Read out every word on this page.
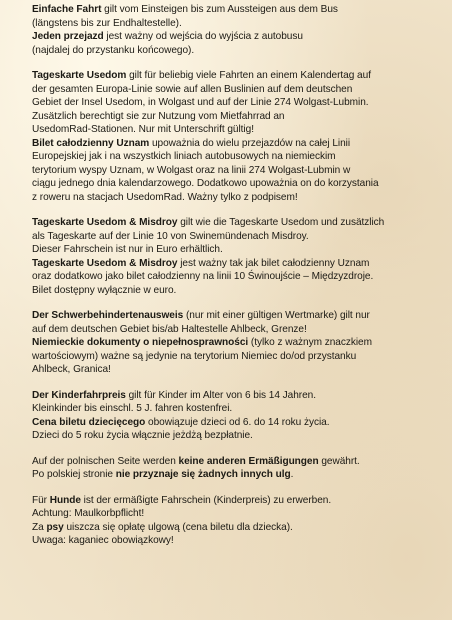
Einfache Fahrt gilt vom Einsteigen bis zum Aussteigen aus dem Bus
(längstens bis zur Endhaltestelle).
Jeden przejazd jest ważny od wejścia do wyjścia z autobusu
(najdalej do przystanku końcowego).
Tageskarte Usedom gilt für beliebig viele Fahrten an einem Kalendertag auf
der gesamten Europa-Linie sowie auf allen Buslinien auf dem deutschen
Gebiet der Insel Usedom, in Wolgast und auf der Linie 274 Wolgast-Lubmin.
Zusätzlich berechtigt sie zur Nutzung vom Mietfahrrad an
UsedomRad-Stationen. Nur mit Unterschrift gültig!
Bilet całodzienny Uznam upoważnia do wielu przejazdów na całej Linii
Europejskiej jak i na wszystkich liniach autobusowych na niemieckim
terytorium wyspy Uznam, w Wolgast oraz na linii 274 Wolgast-Lubmin w
ciągu jednego dnia kalendarzowego. Dodatkowo upoważnia on do korzystania
z roweru na stacjach UsedomRad. Ważny tylko z podpisem!
Tageskarte Usedom & Misdroy gilt wie die Tageskarte Usedom und zusätzlich
als Tageskarte auf der Linie 10 von Swinemündenach Misdroy.
Dieser Fahrschein ist nur in Euro erhältlich.
Tageskarte Usedom & Misdroy jest ważny tak jak bilet całodzienny Uznam
oraz dodatkowo jako bilet całodzienny na linii 10 Świnoujście – Międzyzdroje.
Bilet dostępny wyłącznie w euro.
Der Schwerbehindertenausweis (nur mit einer gültigen Wertmarke) gilt nur
auf dem deutschen Gebiet bis/ab Haltestelle Ahlbeck, Grenze!
Niemieckie dokumenty o niepełnosprawności (tylko z ważnym znaczkiem
wartościowym) ważne są jedynie na terytorium Niemiec do/od przystanku
Ahlbeck, Granica!
Der Kinderfahrpreis gilt für Kinder im Alter von 6 bis 14 Jahren.
Kleinkinder bis einschl. 5 J. fahren kostenfrei.
Cena biletu dziecięcego obowiązuje dzieci od 6. do 14 roku życia.
Dzieci do 5 roku życia włącznie jeżdżą bezpłatnie.
Auf der polnischen Seite werden keine anderen Ermäßigungen gewährt.
Po polskiej stronie nie przyznaje się żadnych innych ulg.
Für Hunde ist der ermäßigte Fahrschein (Kinderpreis) zu erwerben.
Achtung: Maulkorbpflicht!
Za psy uiszcza się opłatę ulgową (cena biletu dla dziecka).
Uwaga: kaganiec obowiązkowy!
